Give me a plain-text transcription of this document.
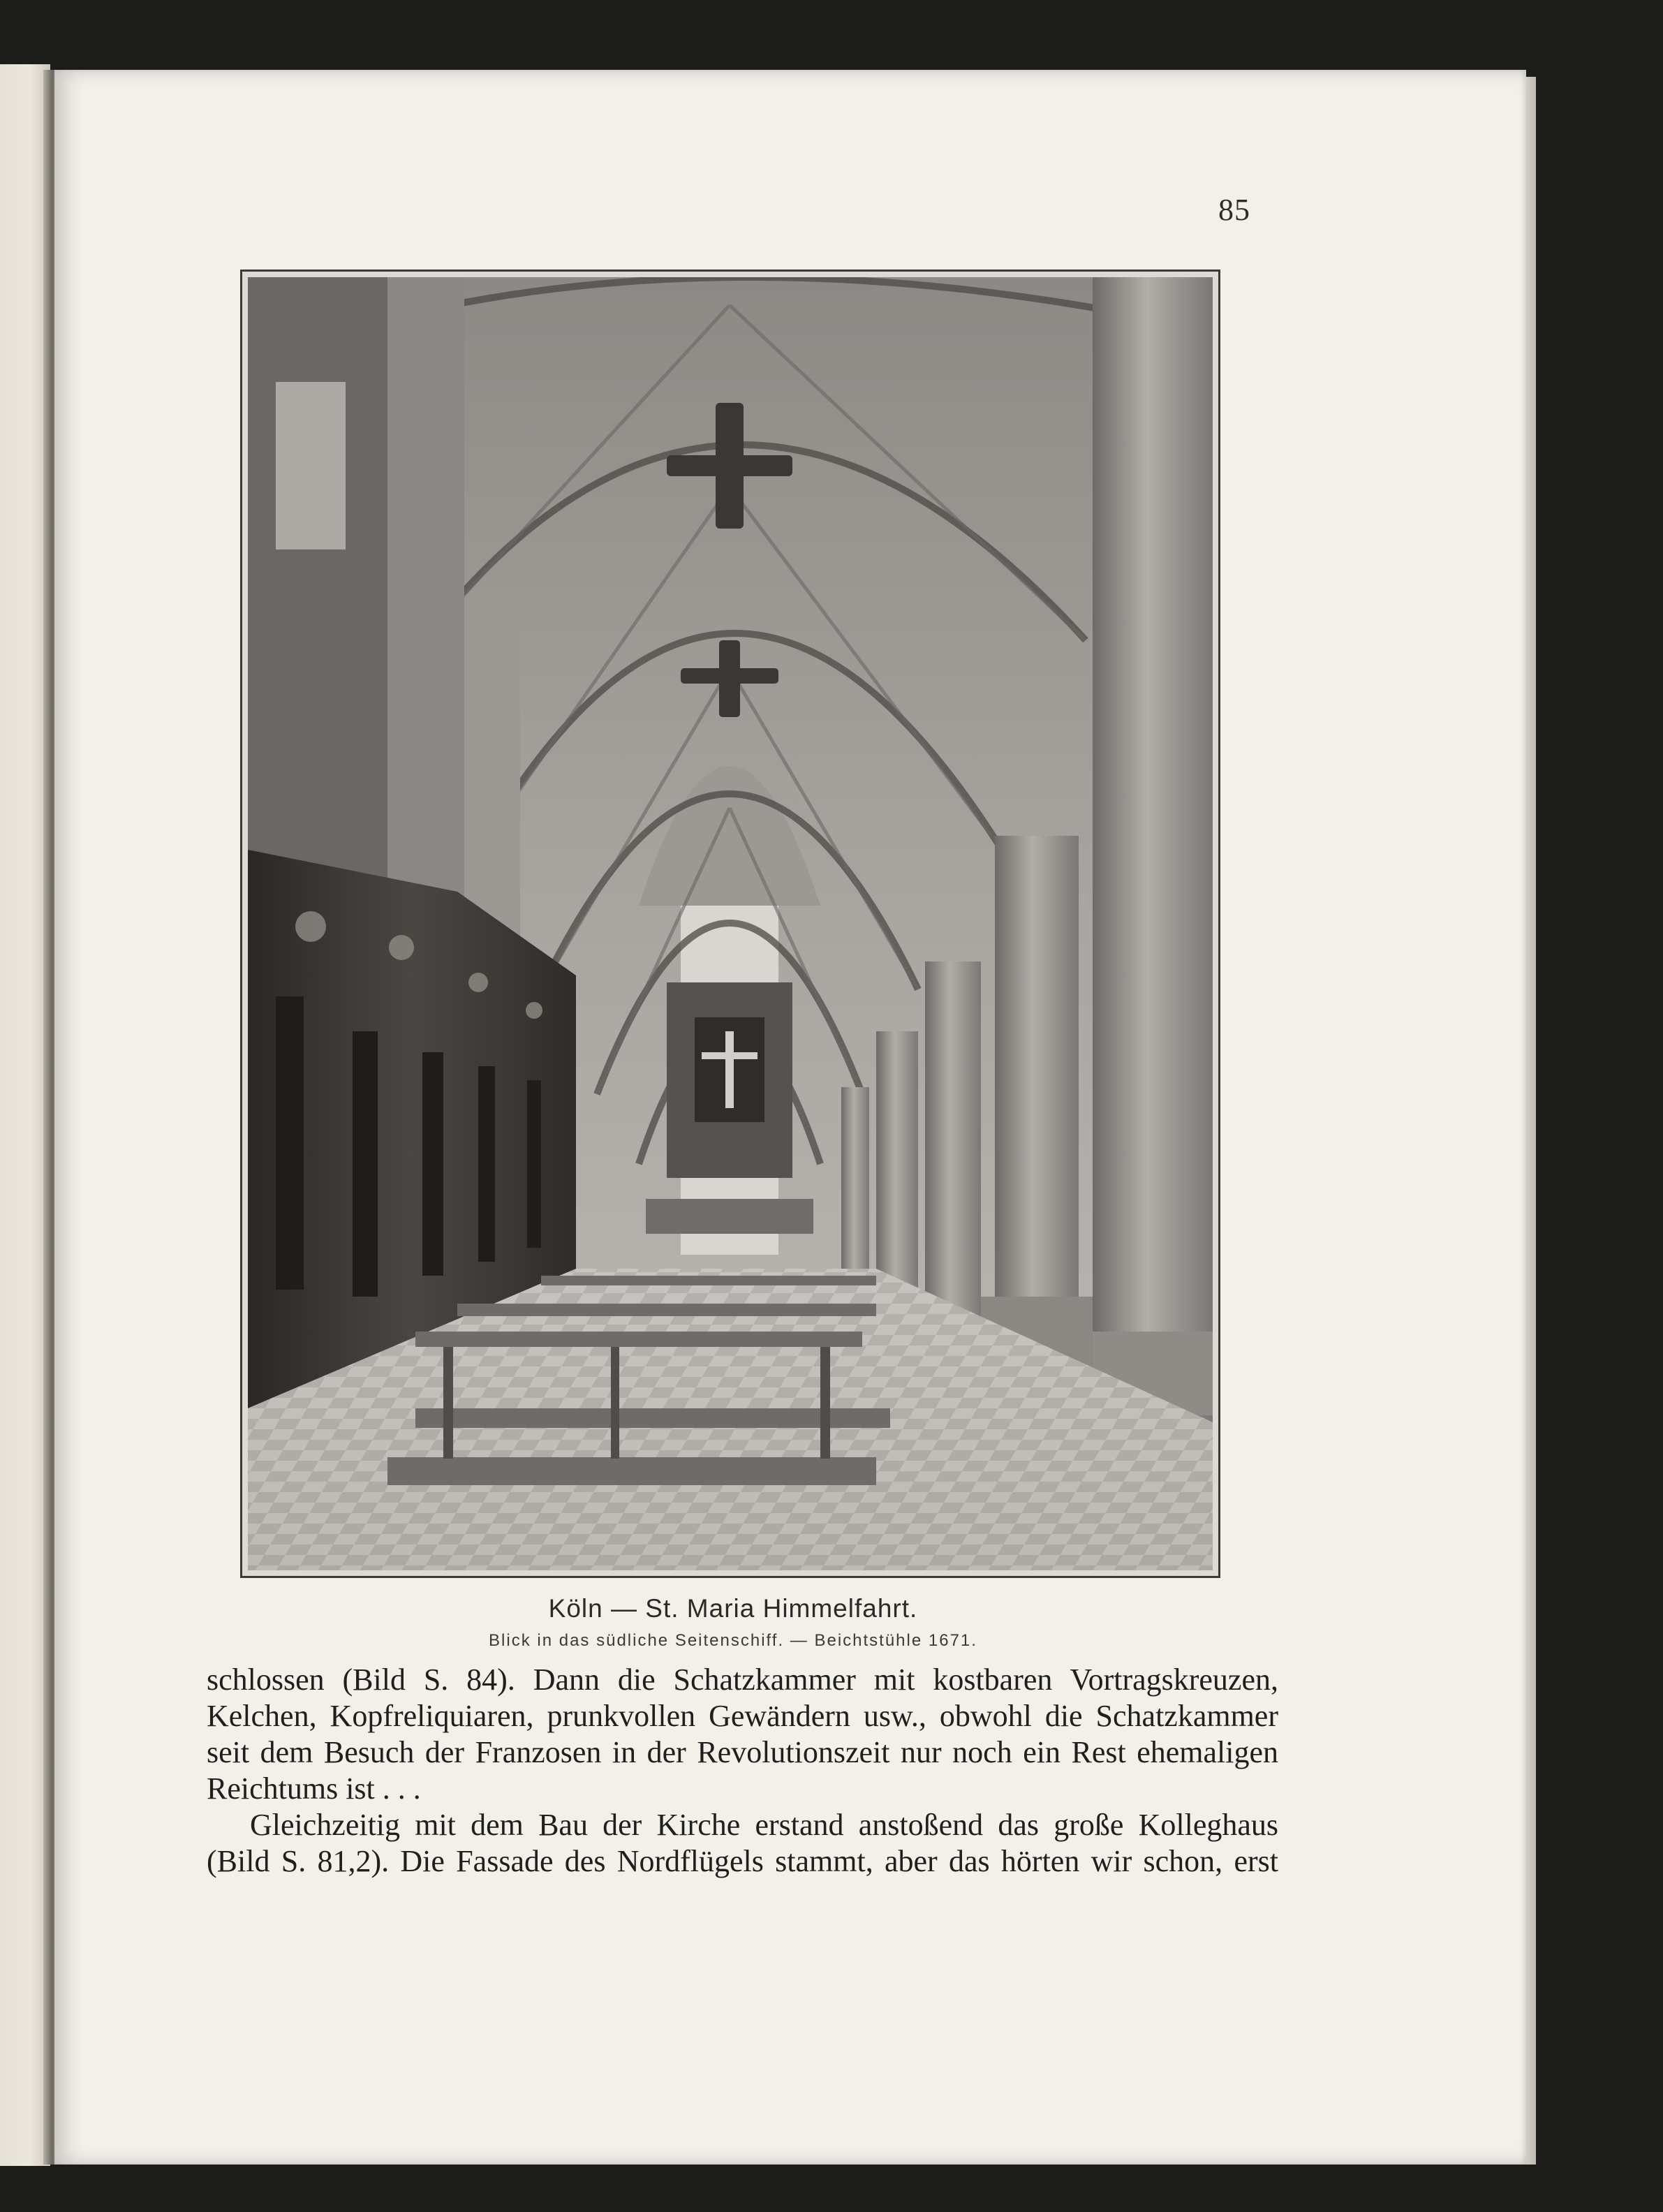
85
Köln — St. Maria Himmelfahrt.
Blick in das südliche Seitenschiff. — Beichtstühle 1671.
schlossen (Bild S. 84). Dann die Schatzkammer mit kostbaren Vortragskreuzen,
Kelchen, Kopfreliquiaren, prunkvollen Gewändern usw., obwohl die Schatzkammer
seit dem Besuch der Franzosen in der Revolutionszeit nur noch ein Rest ehemaligen
Reichtums ist . . .
Gleichzeitig mit dem Bau der Kirche erstand anstoßend das große Kolleghaus
(Bild S. 81,2). Die Fassade des Nordflügels stammt, aber das hörten wir schon, erst
